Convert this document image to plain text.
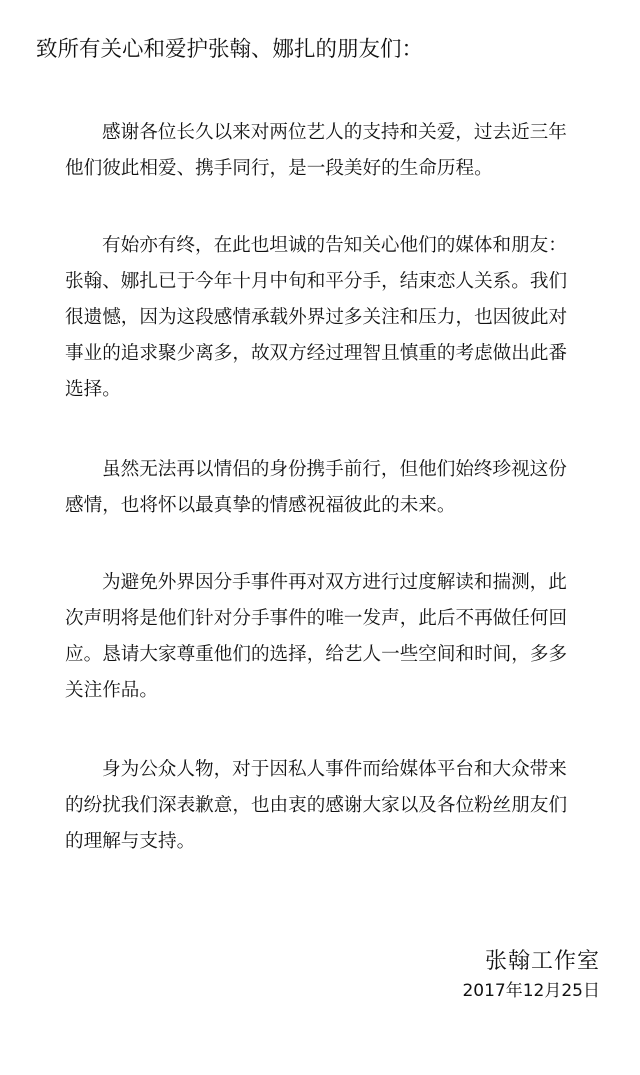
致所有关心和爱护张翰、娜扎的朋友们：

感谢各位长久以来对两位艺人的支持和关爱，过去近三年
他们彼此相爱、携手同行，是一段美好的生命历程。

有始亦有终，在此也坦诚的告知关心他们的媒体和朋友：
张翰、娜扎已于今年十月中旬和平分手，结束恋人关系。我们
很遗憾，因为这段感情承载外界过多关注和压力，也因彼此对
事业的追求聚少离多，故双方经过理智且慎重的考虑做出此番
选择。

虽然无法再以情侣的身份携手前行，但他们始终珍视这份
感情，也将怀以最真挚的情感祝福彼此的未来。

为避免外界因分手事件再对双方进行过度解读和揣测，此
次声明将是他们针对分手事件的唯一发声，此后不再做任何回
应。恳请大家尊重他们的选择，给艺人一些空间和时间，多多
关注作品。

身为公众人物，对于因私人事件而给媒体平台和大众带来
的纷扰我们深表歉意，也由衷的感谢大家以及各位粉丝朋友们
的理解与支持。

张翰工作室
2017年12月25日
